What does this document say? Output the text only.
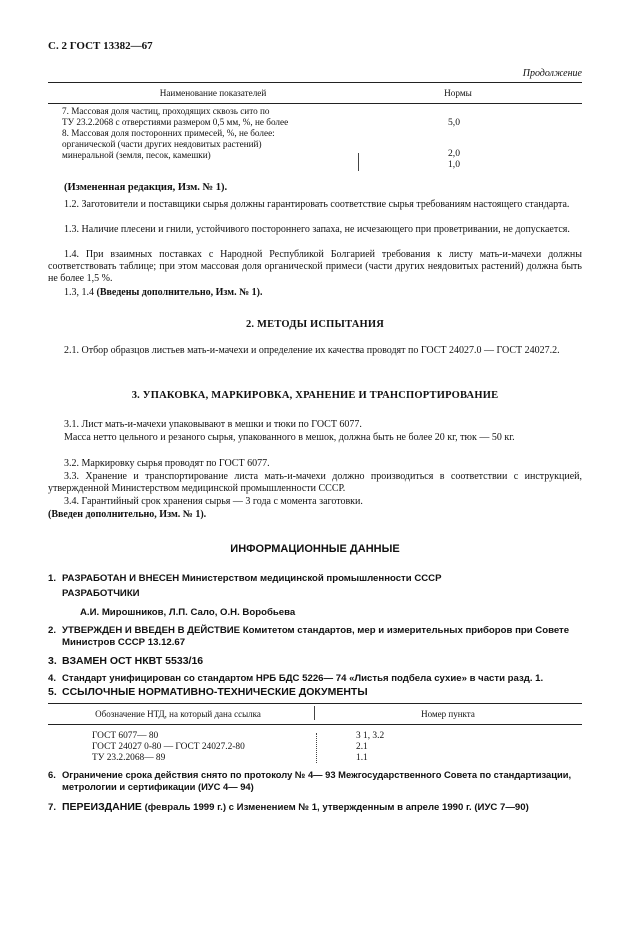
С. 2 ГОСТ 13382—67
Продолжение
Наименование показателей	Нормы
7. Массовая доля частиц, проходящих сквозь сито по
ТУ 23.2.2068 с отверстиями размером 0,5 мм, %, не более
8. Массовая доля посторонних примесей, %, не более:
органической (части других неядовитых растений)
минеральной (земля, песок, камешки)
5,0
2,0
1,0
(Измененная редакция, Изм. № 1).
1.2. Заготовители и поставщики сырья должны гарантировать соответствие сырья требованиям настоящего стандарта.
1.3. Наличие плесени и гнили, устойчивого постороннего запаха, не исчезающего при проветривании, не допускается.
1.4. При взаимных поставках с Народной Республикой Болгарией требования к листу мать-и-мачехи должны соответствовать таблице; при этом массовая доля органической примеси (части других неядовитых растений) должна быть не более 1,5 %.
1.3, 1.4 (Введены дополнительно, Изм. № 1).
2. МЕТОДЫ ИСПЫТАНИЯ
2.1. Отбор образцов листьев мать-и-мачехи и определение их качества проводят по ГОСТ 24027.0 — ГОСТ 24027.2.
3. УПАКОВКА, МАРКИРОВКА, ХРАНЕНИЕ И ТРАНСПОРТИРОВАНИЕ
3.1. Лист мать-и-мачехи упаковывают в мешки и тюки по ГОСТ 6077.
Масса нетто цельного и резаного сырья, упакованного в мешок, должна быть не более 20 кг, тюк — 50 кг.
3.2. Маркировку сырья проводят по ГОСТ 6077.
3.3. Хранение и транспортирование листа мать-и-мачехи должно производиться в соответствии с инструкцией, утвержденной Министерством медицинской промышленности СССР.
3.4. Гарантийный срок хранения сырья — 3 года с момента заготовки.
(Введен дополнительно, Изм. № 1).
ИНФОРМАЦИОННЫЕ ДАННЫЕ
1. РАЗРАБОТАН И ВНЕСЕН Министерством медицинской промышленности СССР
РАЗРАБОТЧИКИ
А.И. Мирошников, Л.П. Сало, О.Н. Воробьева
2. УТВЕРЖДЕН И ВВЕДЕН В ДЕЙСТВИЕ Комитетом стандартов, мер и измерительных приборов при Совете Министров СССР 13.12.67
3. ВЗАМЕН ОСТ НКВТ 5533/16
4. Стандарт унифицирован со стандартом НРБ БДС 5226— 74 «Листья подбела сухие» в части разд. 1.
5. ССЫЛОЧНЫЕ НОРМАТИВНО-ТЕХНИЧЕСКИЕ ДОКУМЕНТЫ
Обозначение НТД, на который дана ссылка	Номер пункта
ГОСТ 6077— 80
ГОСТ 24027 0-80 — ГОСТ 24027.2-80
ТУ 23.2.2068— 89
3 1, 3.2
2.1
1.1
6. Ограничение срока действия снято по протоколу № 4— 93 Межгосударственного Совета по стандартизации, метрологии и сертификации (ИУС 4— 94)
7. ПЕРЕИЗДАНИЕ (февраль 1999 г.) с Изменением № 1, утвержденным в апреле 1990 г. (ИУС 7—90)
